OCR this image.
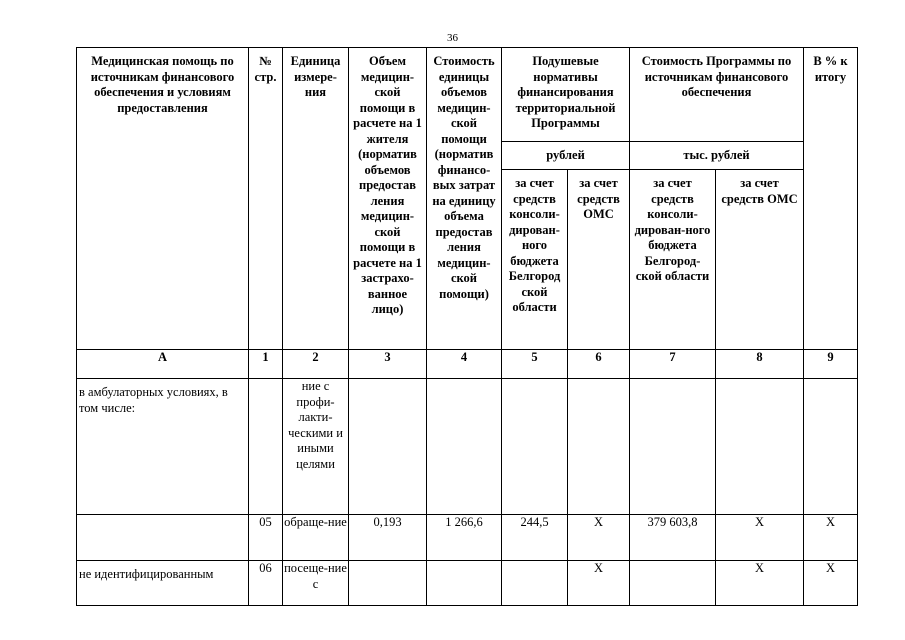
36
Медицинская помощь по источникам финансового обеспечения и условиям предоставления	№ стр.	Единица измере-ния	Объем медицин-ской помощи в расчете на 1 жителя (норматив объемов предостав ления медицин-ской помощи в расчете на 1 застрахо-ванное лицо)	Стоимость единицы объемов медицин-ской помощи (норматив финансо-вых затрат на единицу объема предостав ления медицин-ской помощи)	Подушевые нормативы финансирования территориальной Программы		Стоимость Программы по источникам финансового обеспечения		В % к итогу

					рублей		тыс. рублей		

					за счет средств консоли-дирован-ного бюджета Белгород ской области	за счет средств ОМС	за счет средств консоли-дирован-ного бюджета Белгород-ской области	за счет средств ОМС	

А	1	2	3	4	5	6	7	8	9
в амбулаторных условиях, в том числе:		ние с профи-лакти-ческими и иными целями							
	05	обраще-ние	0,193	1 266,6	244,5	Х	379 603,8	Х	Х
не идентифицированным	06	посеще-ние с				Х		Х	Х
